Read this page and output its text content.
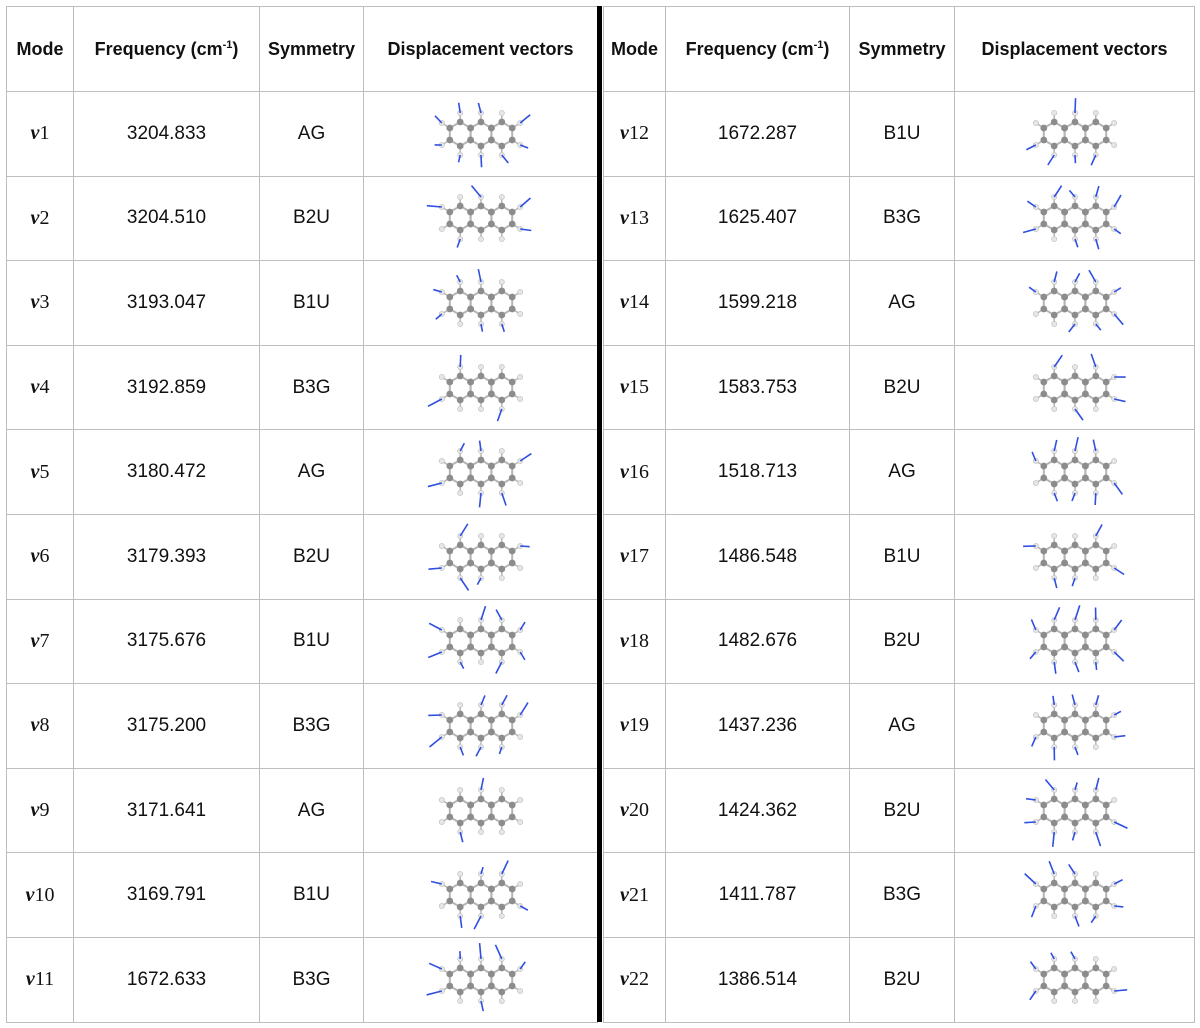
Mode	Frequency $(cm^{-1})$	Symmetry	Displacement vectors
ν1	3204.833	AG	

ν2	3204.510	B2U	

ν3	3193.047	B1U	

ν4	3192.859	B3G	

ν5	3180.472	AG	

ν6	3179.393	B2U	

ν7	3175.676	B1U	

ν8	3175.200	B3G	

ν9	3171.641	AG	

ν10	3169.791	B1U	

ν11	1672.633	B3G	
Mode	Frequency $(cm^{-1})$	Symmetry	Displacement vectors
ν12	1672.287	B1U	

ν13	1625.407	B3G	

ν14	1599.218	AG	

ν15	1583.753	B2U	

ν16	1518.713	AG	

ν17	1486.548	B1U	

ν18	1482.676	B2U	

ν19	1437.236	AG	

ν20	1424.362	B2U	

ν21	1411.787	B3G	

ν22	1386.514	B2U	
